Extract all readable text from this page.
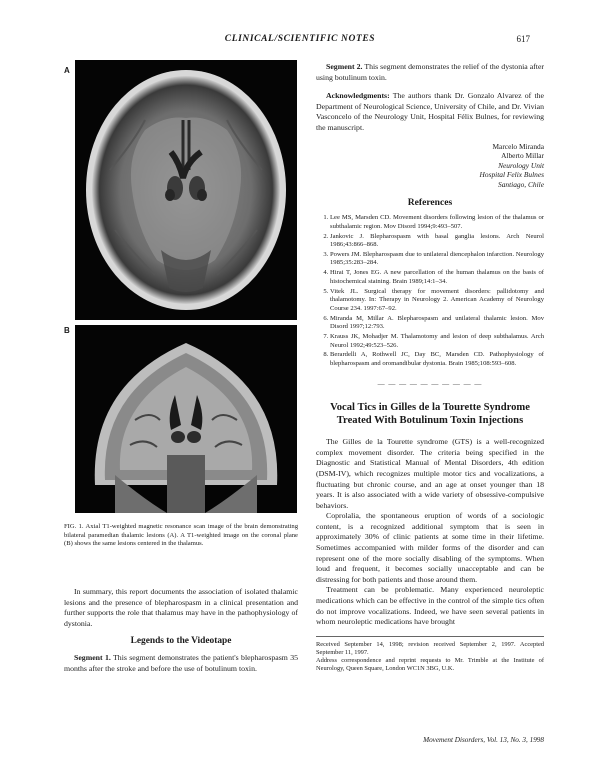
CLINICAL/SCIENTIFIC NOTES	617
A
B

FIG. 1. Axial T1-weighted magnetic resonance scan image of the brain demonstrating bilateral paramedian thalamic lesions (A). A T1-weighted image on the coronal plane (B) shows the same lesions centered in the thalamus.

In summary, this report documents the association of isolated thalamic lesions and the presence of blepharospasm in a clinical presentation and further supports the role that thalamus may have in the pathophysiology of dystonia.

Legends to the Videotape

Segment 1. This segment demonstrates the patient's blepharospasm 35 months after the stroke and before the use of botulinum toxin.

Segment 2. This segment demonstrates the relief of the dystonia after using botulinum toxin.

Acknowledgments: The authors thank Dr. Gonzalo Alvarez of the Department of Neurological Science, University of Chile, and Dr. Vivian Vasconcelo of the Neurology Unit, Hospital Félix Bulnes, for reviewing the manuscript.

Marcelo Miranda
Alberto Millar
Neurology Unit
Hospital Felix Bulnes
Santiago, Chile
References
1. Lee MS, Marsden CD. Movement disorders following lesion of the thalamus or subthalamic region. Mov Disord 1994;9:493–507.
2. Jankovic J. Blepharospasm with basal ganglia lesions. Arch Neurol 1986;43:866–868.
3. Powers JM. Blepharospasm due to unilateral diencephalon infarction. Neurology 1985;35:283–284.
4. Hirai T, Jones EG. A new parcellation of the human thalamus on the basis of histochemical staining. Brain 1989;14:1–34.
5. Vitek JL. Surgical therapy for movement disorders: pallidotomy and thalamotomy. In: Therapy in Neurology 2. American Academy of Neurology Course 234. 1997:67–92.
6. Miranda M, Millar A. Blepharospasm and unilateral thalamic lesion. Mov Disord 1997;12:793.
7. Krauss JK, Mohadjer M. Thalamotomy and lesion of deep subthalamus. Arch Neurol 1992;49:523–526.
8. Berardelli A, Rothwell JC, Day BC, Marsden CD. Pathophysiology of blepharospasm and oromandibular dystonia. Brain 1985;108:593–608.
— — — — — — — — — —
Vocal Tics in Gilles de la Tourette Syndrome
Treated With Botulinum Toxin Injections

The Gilles de la Tourette syndrome (GTS) is a well-recognized complex movement disorder. The criteria being specified in the Diagnostic and Statistical Manual of Mental Disorders, 4th edition (DSM-IV), which recognizes multiple motor tics and vocalizations, a fluctuating but chronic course, and an age at onset younger than 18 years. It is also associated with a wide variety of obsessive-compulsive behaviors.

Coprolalia, the spontaneous eruption of words of a sociologic content, is a recognized additional symptom that is seen in approximately 30% of clinic patients at some time in their lifetime. Sometimes accompanied with milder forms of the disorder and can represent one of the more socially disabling of the symptoms. When loud and frequent, it becomes socially unacceptable and can be distressing for both patients and those around them.

Treatment can be problematic. Many experienced neuroleptic medications which can be effective in the control of the simple tics often do not improve vocalizations. Indeed, we have seen several patients in whom neuroleptic medications have brought

Received September 14, 1998; revision received September 2, 1997. Accepted September 11, 1997.

Address correspondence and reprint requests to Mr. Trimble at the Institute of Neurology, Queen Square, London WC1N 3BG, U.K.

Movement Disorders, Vol. 13, No. 3, 1998
